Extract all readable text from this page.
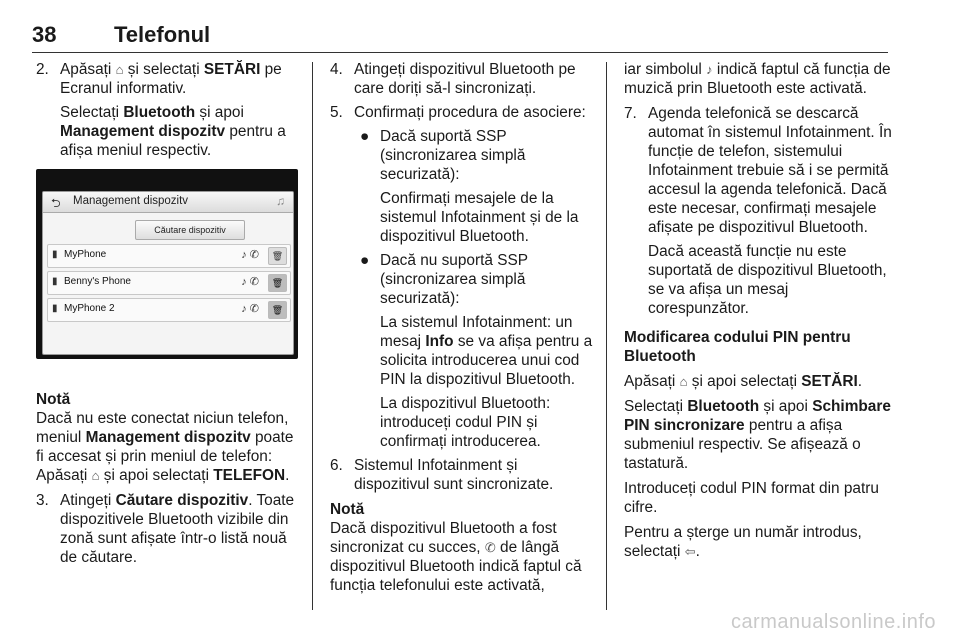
38	Telefonul
2. Apăsați ⌂ și selectați SETĂRI pe Ecranul informativ.
Selectați Bluetooth și apoi Management dispozitv pentru a afișa meniul respectiv.
⮌ Management dispozitv	♫
Căutare dispozitiv
▮ MyPhone	♪✆	🗑
▮ Benny's Phone	♪✆	🗑
▮ MyPhone 2	♪✆	🗑

Notă

Dacă nu este conectat niciun telefon, meniul Management dispozitv poate fi accesat și prin meniul de telefon: Apăsați ⌂ și apoi selectați TELEFON.

3. Atingeți Căutare dispozitiv. Toate dispozitivele Bluetooth vizibile din zonă sunt afișate într-o listă nouă de căutare.
4. Atingeți dispozitivul Bluetooth pe care doriți să-l sincronizați.
5. Confirmați procedura de asociere:
● Dacă suportă SSP (sincronizarea simplă securizată):
Confirmați mesajele de la sistemul Infotainment și de la dispozitivul Bluetooth.
● Dacă nu suportă SSP (sincronizarea simplă securizată):
La sistemul Infotainment: un mesaj Info se va afișa pentru a solicita introducerea unui cod PIN la dispozitivul Bluetooth.
La dispozitivul Bluetooth: introduceți codul PIN și confirmați introducerea.
6. Sistemul Infotainment și dispozitivul sunt sincronizate.

Notă

Dacă dispozitivul Bluetooth a fost sincronizat cu succes, ✆ de lângă dispozitivul Bluetooth indică faptul că funcția telefonului este activată,

iar simbolul ♪ indică faptul că funcția de muzică prin Bluetooth este activată.

7. Agenda telefonică se descarcă automat în sistemul Infotainment. În funcție de telefon, sistemului Infotainment trebuie să i se permită accesul la agenda telefonică. Dacă este necesar, confirmați mesajele afișate pe dispozitivul Bluetooth.
Dacă această funcție nu este suportată de dispozitivul Bluetooth, se va afișa un mesaj corespunzător.

Modificarea codului PIN pentru Bluetooth

Apăsați ⌂ și apoi selectați SETĂRI.

Selectați Bluetooth și apoi Schimbare PIN sincronizare pentru a afișa submeniul respectiv. Se afișează o tastatură.

Introduceți codul PIN format din patru cifre.

Pentru a șterge un număr introdus, selectați ⇦.

carmanualsonline.info
